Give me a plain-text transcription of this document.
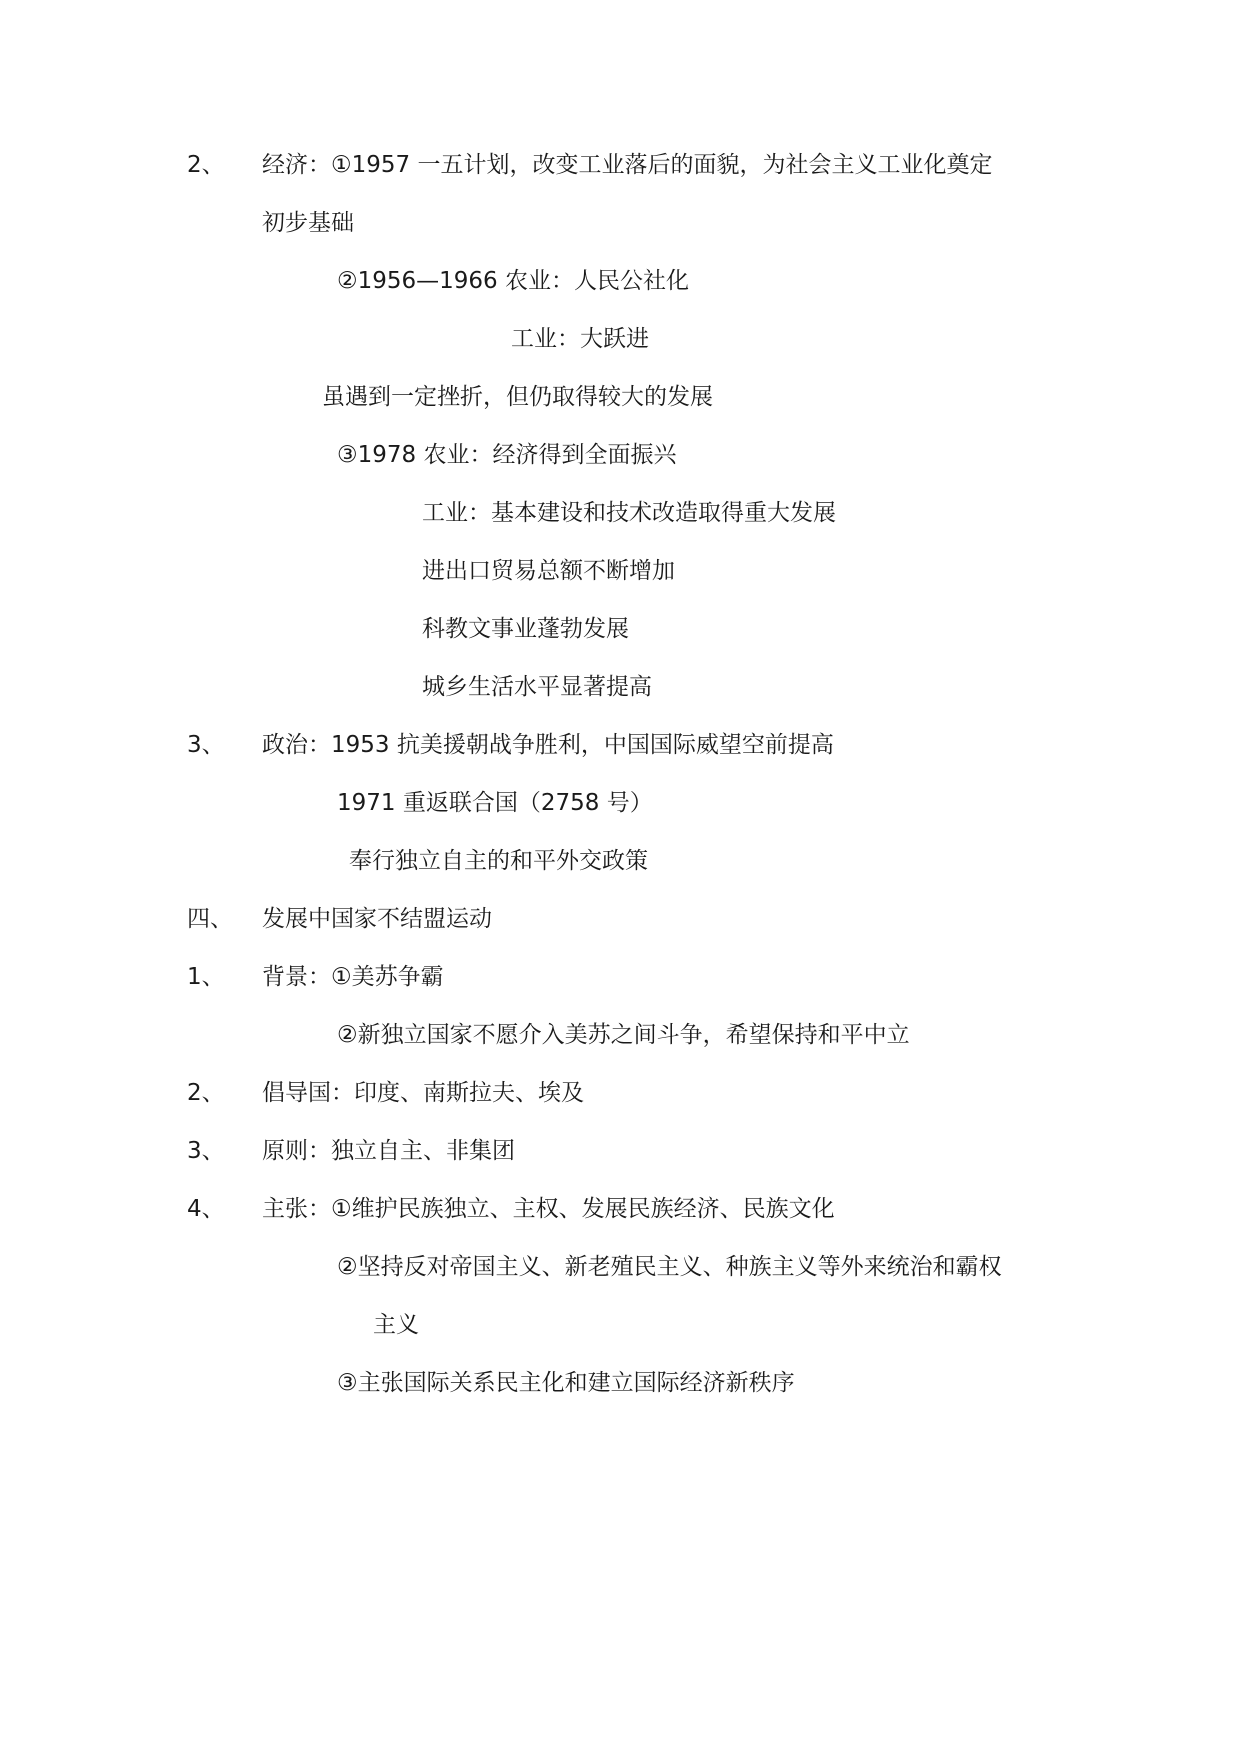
2、 经济：①1957 一五计划，改变工业落后的面貌，为社会主义工业化奠定
初步基础
②1956—1966 农业：人民公社化
工业：大跃进
虽遇到一定挫折，但仍取得较大的发展
③1978 农业：经济得到全面振兴
工业：基本建设和技术改造取得重大发展
进出口贸易总额不断增加
科教文事业蓬勃发展
城乡生活水平显著提高
3、 政治：1953 抗美援朝战争胜利，中国国际威望空前提高
1971 重返联合国（2758 号）
奉行独立自主的和平外交政策
四、 发展中国家不结盟运动
1、 背景：①美苏争霸
②新独立国家不愿介入美苏之间斗争，希望保持和平中立
2、 倡导国：印度、南斯拉夫、埃及
3、 原则：独立自主、非集团
4、 主张：①维护民族独立、主权、发展民族经济、民族文化
②坚持反对帝国主义、新老殖民主义、种族主义等外来统治和霸权
主义
③主张国际关系民主化和建立国际经济新秩序
